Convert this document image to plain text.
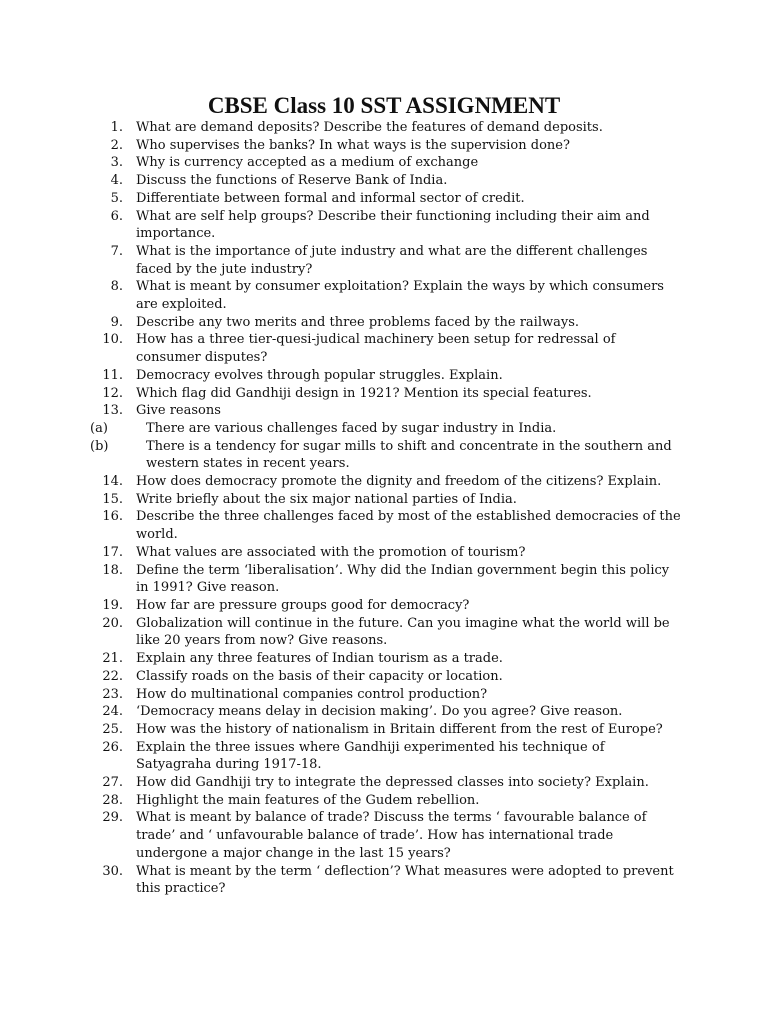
CBSE Class 10 SST ASSIGNMENT
1. What are demand deposits? Describe the features of demand deposits.
2. Who supervises the banks? In what ways is the supervision done?
3. Why is currency accepted as a medium of exchange
4. Discuss the functions of Reserve Bank of India.
5. Differentiate between formal and informal sector of credit.
6. What are self help groups? Describe their functioning including their aim and importance.
7. What is the importance of jute industry and what are the different challenges faced by the jute industry?
8. What is meant by consumer exploitation? Explain the ways by which consumers are exploited.
9. Describe any two merits and three problems faced by the railways.
10. How has a three tier-quesi-judical machinery been setup for redressal of consumer disputes?
11. Democracy evolves through popular struggles. Explain.
12. Which flag did Gandhiji design in 1921? Mention its special features.
13. Give reasons
(a)	There are various challenges faced by sugar industry in India.
(b)	There is a tendency for sugar mills to shift and concentrate in the southern and western states in recent years.
14. How does democracy promote the dignity and freedom of the citizens? Explain.
15. Write briefly about the six major national parties of India.
16. Describe the three challenges faced by most of the established democracies of the world.
17. What values are associated with the promotion of tourism?
18. Define the term ‘liberalisation’. Why did the Indian government begin this policy in 1991? Give reason.
19. How far are pressure groups good for democracy?
20. Globalization will continue in the future. Can you imagine what the world will be like 20 years from now? Give reasons.
21. Explain any three features of Indian tourism as a trade.
22. Classify roads on the basis of their capacity or location.
23. How do multinational companies control production?
24. ‘Democracy means delay in decision making’. Do you agree? Give reason.
25. How was the history of nationalism in Britain different from the rest of Europe?
26. Explain the three issues where Gandhiji experimented his technique of Satyagraha during 1917-18.
27. How did Gandhiji try to integrate the depressed classes into society? Explain.
28. Highlight the main features of the Gudem rebellion.
29. What is meant by balance of trade? Discuss the terms ‘ favourable balance of trade’ and ‘ unfavourable balance of trade’. How has international trade undergone a major change in the last 15 years?
30. What is meant by the term ‘ deflection’? What measures were adopted to prevent this practice?
